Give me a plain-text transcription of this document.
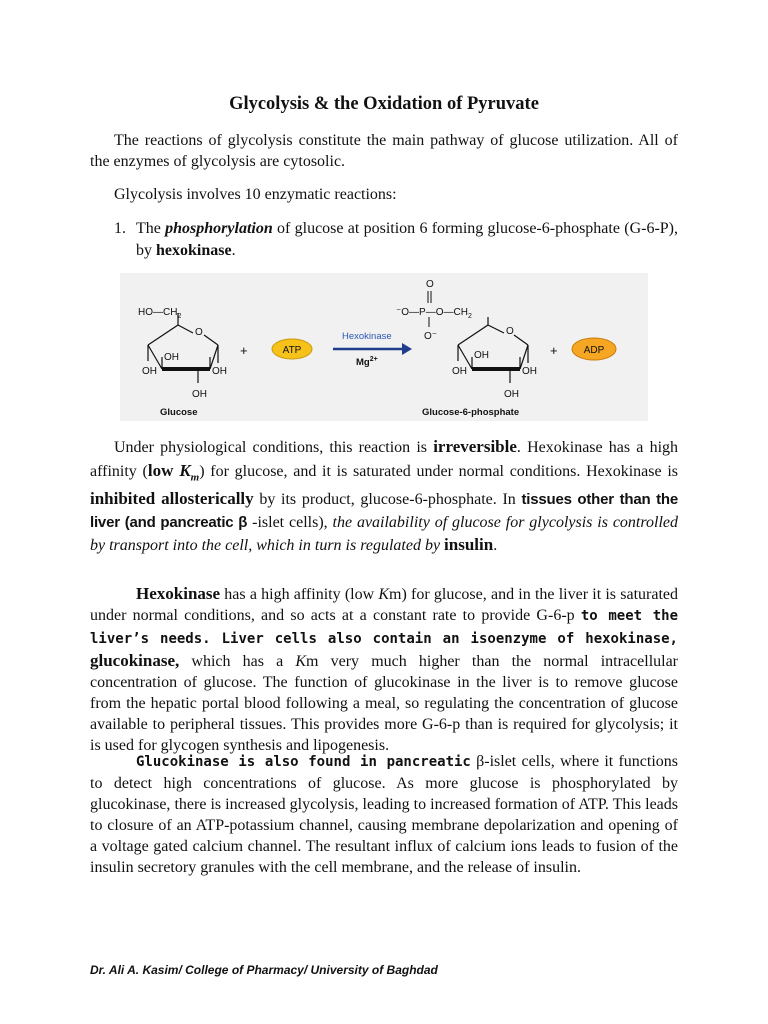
Glycolysis & the Oxidation of Pyruvate

The reactions of glycolysis constitute the main pathway of glucose utilization. All of the enzymes of glycolysis are cytosolic.

Glycolysis involves 10 enzymatic reactions:

1. The phosphorylation of glucose at position 6 forming glucose-6-phosphate (G-6-P), by hexokinase.

$HO—CH_2$
O
OH
OH	OH
OH
Glucose
+	ATP
Hexokinase
$Mg^{2+}$
O
$^-O—P—O—CH_2$
O⁻	O
OH
OH	OH
OH
Glucose-6-phosphate
+	ADP

Under physiological conditions, this reaction is irreversible. Hexokinase has a high affinity (low $K_m$) for glucose, and it is saturated under normal conditions. Hexokinase is inhibited allosterically by its product, glucose-6-phosphate. In tissues other than the liver (and pancreatic β -islet cells), the availability of glucose for glycolysis is controlled by transport into the cell, which in turn is regulated by insulin.

Hexokinase has a high affinity (low Km) for glucose, and in the liver it is saturated under normal conditions, and so acts at a constant rate to provide G-6-p to meet the liver’s needs. Liver cells also contain an isoenzyme of hexokinase, glucokinase, which has a Km very much higher than the normal intracellular concentration of glucose. The function of glucokinase in the liver is to remove glucose from the hepatic portal blood following a meal, so regulating the concentration of glucose available to peripheral tissues. This provides more G-6-p than is required for glycolysis; it is used for glycogen synthesis and lipogenesis.

Glucokinase is also found in pancreatic β-islet cells, where it functions to detect high concentrations of glucose. As more glucose is phosphorylated by glucokinase, there is increased glycolysis, leading to increased formation of ATP. This leads to closure of an ATP-potassium channel, causing membrane depolarization and opening of a voltage gated calcium channel. The resultant influx of calcium ions leads to fusion of the insulin secretory granules with the cell membrane, and the release of insulin.

Dr. Ali A. Kasim/ College of Pharmacy/ University of Baghdad
